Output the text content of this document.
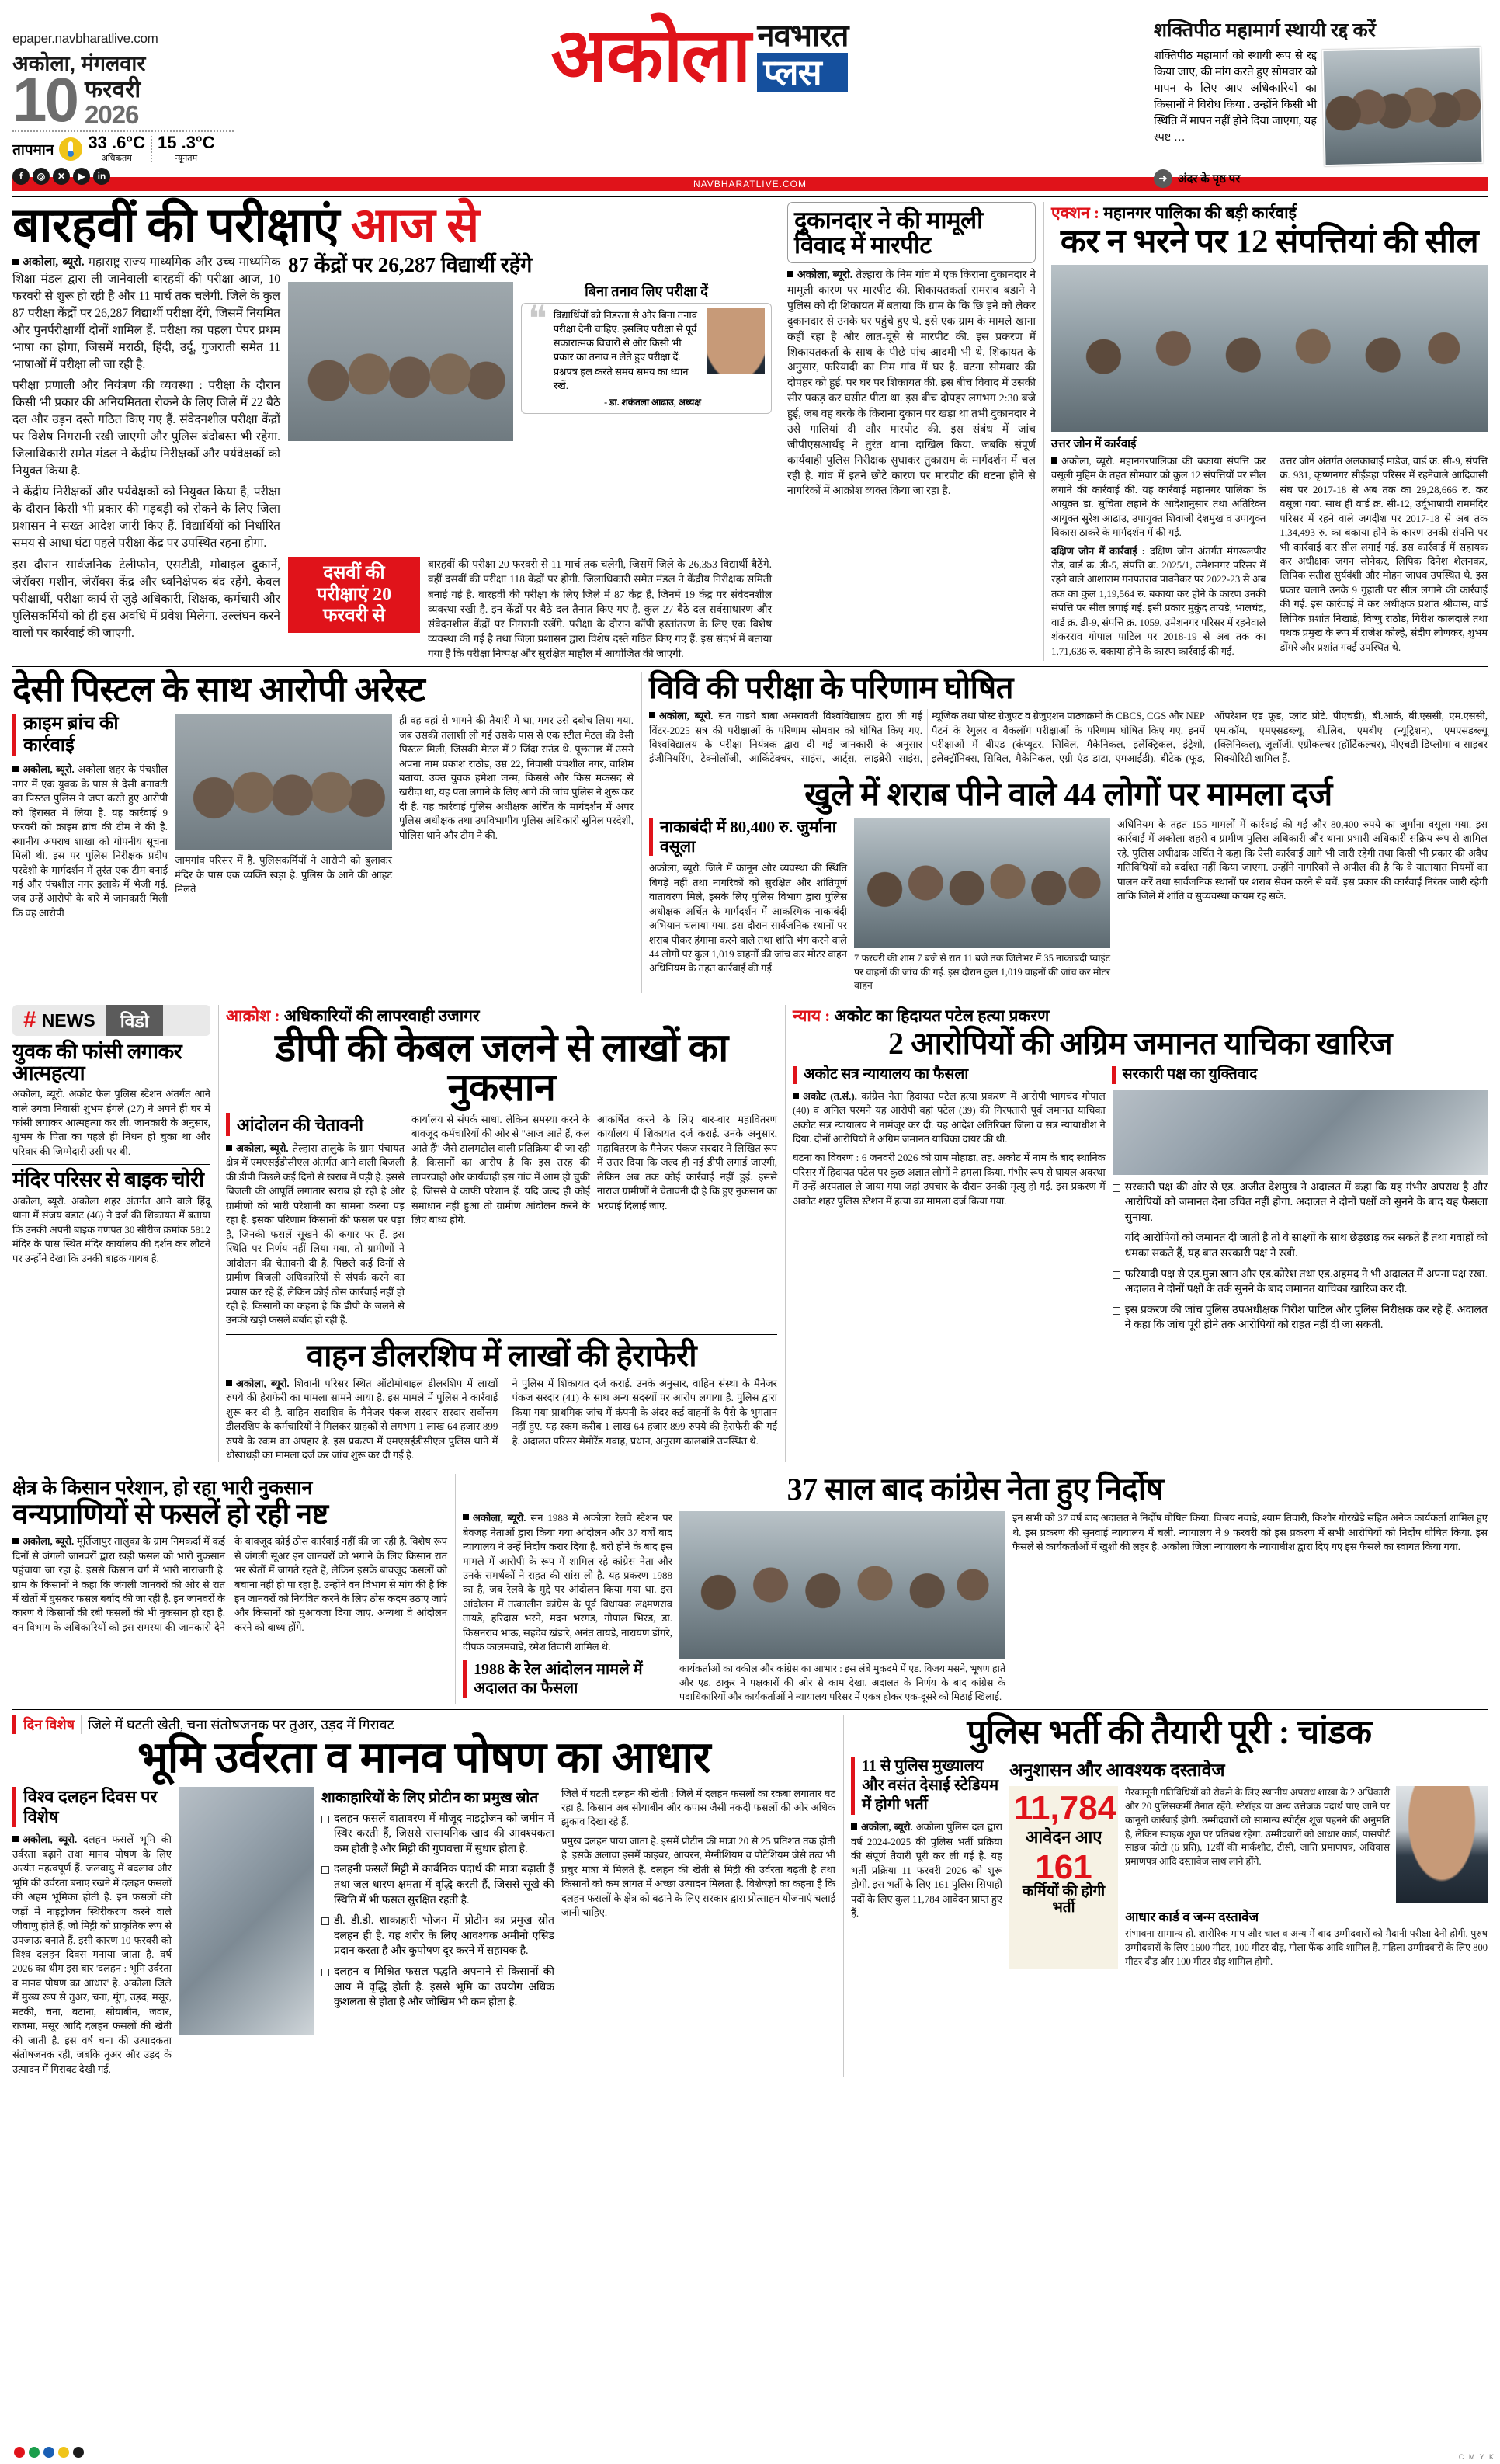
epaper.navbharatlive.com
अकोला, मंगलवार
10 फरवरी
2026
तापमान 33 .6°C
अधिकतम
15 .3°C
न्यूनतम
f	◎	✕	▶	in
अकोला नवभारत
प्लस
शक्तिपीठ महामार्ग स्थायी रद्द करें
शक्तिपीठ महामार्ग को स्थायी रूप से रद्द किया जाए, की मांग करते हुए सोमवार को मापन के लिए आए अधिकारियों का किसानों ने विरोध किया . उन्होंने किसी भी स्थिति में मापन नहीं होने दिया जाएगा, यह स्पष्ट …
➜ अंदर के पृष्ठ पर
NAVBHARATLIVE.COM
बारहवीं की परीक्षाएं आज से
अकोला, ब्यूरो. महाराष्ट्र राज्य माध्यमिक और उच्च माध्यमिक शिक्षा मंडल द्वारा ली जानेवाली बारहवीं की परीक्षा आज, 10 फरवरी से शुरू हो रही है और 11 मार्च तक चलेगी. जिले के कुल 87 परीक्षा केंद्रों पर 26,287 विद्यार्थी परीक्षा देंगे, जिसमें नियमित और पुनर्परीक्षार्थी दोनों शामिल हैं. परीक्षा का पहला पेपर प्रथम भाषा का होगा, जिसमें मराठी, हिंदी, उर्दू, गुजराती समेत 11 भाषाओं में परीक्षा ली जा रही है.
परीक्षा प्रणाली और नियंत्रण की व्यवस्था : परीक्षा के दौरान किसी भी प्रकार की अनियमितता रोकने के लिए जिले में 22 बैठे दल और उड़न दस्ते गठित किए गए हैं. संवेदनशील परीक्षा केंद्रों पर विशेष निगरानी रखी जाएगी और पुलिस बंदोबस्त भी रहेगा. जिलाधिकारी समेत मंडल ने केंद्रीय निरीक्षकों और पर्यवेक्षकों को नियुक्त किया है.
ने केंद्रीय निरीक्षकों और पर्यवेक्षकों को नियुक्त किया है, परीक्षा के दौरान किसी भी प्रकार की गड़बड़ी को रोकने के लिए जिला प्रशासन ने सख्त आदेश जारी किए हैं. विद्यार्थियों को निर्धारित समय से आधा घंटा पहले परीक्षा केंद्र पर उपस्थित रहना होगा.
87 केंद्रों पर 26,287 विद्यार्थी रहेंगे
बिना तनाव लिए परीक्षा दें
❝ विद्यार्थियों को निडरता से और बिना तनाव परीक्षा देनी चाहिए. इसलिए परीक्षा से पूर्व सकारात्मक विचारों से और किसी भी प्रकार का तनाव न लेते हुए परीक्षा दें. प्रश्नपत्र हल करते समय समय का ध्यान रखें.
- डा. शकंतला आढाउ, अध्यक्ष
इस दौरान सार्वजनिक टेलीफोन, एसटीडी, मोबाइल दुकानें, जेरॉक्स मशीन, जेरॉक्स केंद्र और ध्वनिक्षेपक बंद रहेंगे. केवल परीक्षार्थी, परीक्षा कार्य से जुड़े अधिकारी, शिक्षक, कर्मचारी और पुलिसकर्मियों को ही इस अवधि में प्रवेश मिलेगा. उल्लंघन करने वालों पर कार्रवाई की जाएगी.
दसवीं की परीक्षाएं 20 फरवरी से
बारहवीं की परीक्षा 20 फरवरी से 11 मार्च तक चलेगी, जिसमें जिले के 26,353 विद्यार्थी बैठेंगे. वहीं दसवीं की परीक्षा 118 केंद्रों पर होगी. जिलाधिकारी समेत मंडल ने केंद्रीय निरीक्षक समिती बनाई गई है. बारहवीं की परीक्षा के लिए जिले में 87 केंद्र हैं, जिनमें 19 केंद्र पर संवेदनशील व्यवस्था रखी है. इन केंद्रों पर बैठे दल तैनात किए गए हैं. कुल 27 बैठे दल सर्वसाधारण और संवेदनशील केंद्रों पर निगरानी रखेंगे. परीक्षा के दौरान कॉपी हस्तांतरण के लिए एक विशेष व्यवस्था की गई है तथा जिला प्रशासन द्वारा विशेष दस्ते गठित किए गए हैं. इस संदर्भ में बताया गया है कि परीक्षा निष्पक्ष और सुरक्षित माहौल में आयोजित की जाएगी.
दुकानदार ने की मामूली विवाद में मारपीट
अकोला, ब्यूरो. तेल्हारा के निम गांव में एक किराना दुकानदार ने मामूली कारण पर मारपीट की. शिकायतकर्ता रामराव बडाने ने पुलिस को दी शिकायत में बताया कि ग्राम के कि छि ड़ने को लेकर दुकानदार से उनके घर पहुंचे हुए थे. इसे एक ग्राम के मामले खाना कहीं रहा है और लात-घूंसे से मारपीट की. इस प्रकरण में शिकायतकर्ता के साथ के पीछे पांच आदमी भी थे. शिकायत के अनुसार, फरियादी का निम गांव में घर है. घटना सोमवार की दोपहर को हुई. पर घर पर शिकायत की. इस बीच विवाद में उसकी सीर पकड़ कर घसीट पीटा था. इस बीच दोपहर लगभग 2:30 बजे हुई, जब वह बरके के किराना दुकान पर खड़ा था तभी दुकानदार ने उसे गालियां दी और मारपीट की. इस संबंध में जांच जीपीएसआर्थड् ने तुरंत थाना दाखिल किया. जबकि संपूर्ण कार्यवाही पुलिस निरीक्षक सुधाकर तुकाराम के मार्गदर्शन में चल रही है. गांव में इतने छोटे कारण पर मारपीट की घटना होने से नागरिकों में आक्रोश व्यक्त किया जा रहा है.
एक्शन : महानगर पालिका की बड़ी कार्रवाई
कर न भरने पर 12 संपत्तियां की सील
उत्तर जोन में कार्रवाई
अकोला, ब्यूरो. महानगरपालिका की बकाया संपत्ति कर वसूली मुहिम के तहत सोमवार को कुल 12 संपत्तियों पर सील लगाने की कार्रवाई की. यह कार्रवाई महानगर पालिका के आयुक्त डा. सुचिता लहाने के आदेशानुसार तथा अतिरिक्त आयुक्त सुरेश आढाउ, उपायुक्त शिवाजी देशमुख व उपायुक्त विकास ठाकरे के मार्गदर्शन में की गई.
दक्षिण जोन में कार्रवाई : दक्षिण जोन अंतर्गत मंगरूलपीर रोड, वार्ड क्र. डी-5, संपत्ति क्र. 2025/1, उमेशनगर परिसर में रहने वाले आशाराम गनपतराव पावनेकर पर 2022-23 से अब तक का कुल 1,19,564 रु. बकाया कर होने के कारण उनकी संपत्ति पर सील लगाई गई. इसी प्रकार मुकुंद तायडे, भालचंद्र, वार्ड क्र. डी-9, संपत्ति क्र. 1059, उमेशनगर परिसर में रहनेवाले शंकरराव गोपाल पाटिल पर 2018-19 से अब तक का 1,71,636 रु. बकाया होने के कारण कार्रवाई की गई.
उत्तर जोन अंतर्गत अलकाबाई माडेज, वार्ड क्र. सी-9, संपत्ति क्र. 931, कृष्णनगर सीईडहा परिसर में रहनेवाले आदिवासी संघ पर 2017-18 से अब तक का 29,28,666 रु. कर वसूला गया. साथ ही वार्ड क्र. सी-12, उर्दूभाषायी राममंदिर परिसर में रहने वाले जगदीश पर 2017-18 से अब तक 1,34,493 रु. का बकाया होने के कारण उनकी संपत्ति पर भी कार्रवाई कर सील लगाई गई. इस कार्रवाई में सहायक कर अधीक्षक जगन सोनेकर, लिपिक दिनेश शेलनकर, लिपिक सतीश सुर्यवंशी और मोहन जाधव उपस्थित थे. इस प्रकार चलाने उनके 9 गुहाती पर सील लगाने की कार्रवाई की गई. इस कार्रवाई में कर अधीक्षक प्रशांत श्रीवास, वार्ड लिपिक प्रशांत निखाडे, विष्णु राठोड, गिरीश कालदाले तथा पथक प्रमुख के रूप में राजेश कोल्हे, संदीप लोणकर, शुभम डोंगरे और प्रशांत गवई उपस्थित थे.
देसी पिस्टल के साथ आरोपी अरेस्ट
क्राइम ब्रांच की कार्रवाई
अकोला, ब्यूरो. अकोला शहर के पंचशील नगर में एक युवक के पास से देसी बनावटी का पिस्टल पुलिस ने जप्त करते हुए आरोपी को हिरासत में लिया है. यह कार्रवाई 9 फरवरी को क्राइम ब्रांच की टीम ने की है. स्थानीय अपराध शाखा को गोपनीय सूचना मिली थी. इस पर पुलिस निरीक्षक प्रदीप परदेशी के मार्गदर्शन में तुरंत एक टीम बनाई गई और पंचशील नगर इलाके में भेजी गई. जब उन्हें आरोपी के बारे में जानकारी मिली कि वह आरोपी
जामगांव परिसर में है. पुलिसकर्मियों ने आरोपी को बुलाकर मंदिर के पास एक व्यक्ति खड़ा है. पुलिस के आने की आहट मिलते
ही वह वहां से भागने की तैयारी में था, मगर उसे दबोच लिया गया. जब उसकी तलाशी ली गई उसके पास से एक स्टील मेटल की देसी पिस्टल मिली, जिसकी मेटल में 2 जिंदा राउंड थे. पूछताछ में उसने अपना नाम प्रकाश राठोड, उम्र 22, निवासी पंचशील नगर, वाशिम बताया. उक्त युवक हमेशा जन्म, किससे और किस मकसद से खरीदा था, यह पता लगाने के लिए आगे की जांच पुलिस ने शुरू कर दी है. यह कार्रवाई पुलिस अधीक्षक अर्चित के मार्गदर्शन में अपर पुलिस अधीक्षक तथा उपविभागीय पुलिस अधिकारी सुनिल परदेशी, पोलिस थाने और टीम ने की.
विवि की परीक्षा के परिणाम घोषित
अकोला, ब्यूरो. संत गाडगे बाबा अमरावती विश्वविद्यालय द्वारा ली गई विंटर-2025 सत्र की परीक्षाओं के परिणाम सोमवार को घोषित किए गए. विश्वविद्यालय के परीक्षा नियंत्रक द्वारा दी गई जानकारी के अनुसार इंजीनियरिंग, टेक्नोलॉजी, आर्किटेक्चर, साइंस, आर्ट्स, लाइब्रेरी साइंस, म्यूजिक तथा पोस्ट ग्रेजुएट व ग्रेजुएशन पाठ्यक्रमों के CBCS, CGS और NEP पैटर्न के रेगुलर व बैकलॉग परीक्षाओं के परिणाम घोषित किए गए. इनमें परीक्षाओं में बीएड (कंप्यूटर, सिविल, मैकेनिकल, इलेक्ट्रिकल, इंट्रेशो, इलेक्ट्रॉनिक्स, सिविल, मैकेनिकल, एग्री एंड डाटा, एमआईडी), बीटेक (फूड, ऑपरेशन एंड फूड, प्लांट प्रोटे. पीएचडी), बी.आर्क, बी.एससी, एम.एससी, एम.कॉम, एमएसडब्ल्यू, बी.लिब, एमबीए (न्यूट्रिशन), एमएसडब्ल्यू (क्लिनिकल), जूलॉजी, एग्रीकल्चर (हॉर्टिकल्चर), पीएचडी डिप्लोमा व साइबर सिक्योरिटी शामिल हैं.
खुले में शराब पीने वाले 44 लोगों पर मामला दर्ज
नाकाबंदी में 80,400 रु. जुर्माना वसूला
अकोला, ब्यूरो. जिले में कानून और व्यवस्था की स्थिति बिगड़े नहीं तथा नागरिकों को सुरक्षित और शांतिपूर्ण वातावरण मिले, इसके लिए पुलिस विभाग द्वारा पुलिस अधीक्षक अर्चित के मार्गदर्शन में आकस्मिक नाकाबंदी अभियान चलाया गया. इस दौरान सार्वजनिक स्थानों पर शराब पीकर हंगामा करने वाले तथा शांति भंग करने वाले 44 लोगों पर कुल 1,019 वाहनों की जांच कर मोटर वाहन अधिनियम के तहत कार्रवाई की गई.
7 फरवरी की शाम 7 बजे से रात 11 बजे तक जिलेभर में 35 नाकाबंदी प्वाइंट पर वाहनों की जांच की गई. इस दौरान कुल 1,019 वाहनों की जांच कर मोटर वाहन
अधिनियम के तहत 155 मामलों में कार्रवाई की गई और 80,400 रुपये का जुर्माना वसूला गया. इस कार्रवाई में अकोला शहरी व ग्रामीण पुलिस अधिकारी और थाना प्रभारी अधिकारी सक्रिय रूप से शामिल रहे. पुलिस अधीक्षक अर्चित ने कहा कि ऐसी कार्रवाई आगे भी जारी रहेगी तथा किसी भी प्रकार की अवैध गतिविधियों को बर्दाश्त नहीं किया जाएगा. उन्होंने नागरिकों से अपील की है कि वे यातायात नियमों का पालन करें तथा सार्वजनिक स्थानों पर शराब सेवन करने से बचें. इस प्रकार की कार्रवाई निरंतर जारी रहेगी ताकि जिले में शांति व सुव्यवस्था कायम रह सके.
# NEWS	विडो
युवक की फांसी लगाकर आत्महत्या
अकोला, ब्यूरो. अकोट फैल पुलिस स्टेशन अंतर्गत आने वाले उगवा निवासी शुभम इंगले (27) ने अपने ही घर में फांसी लगाकर आत्महत्या कर ली. जानकारी के अनुसार, शुभम के पिता का पहले ही निधन हो चुका था और परिवार की जिम्मेदारी उसी पर थी.
मंदिर परिसर से बाइक चोरी
अकोला, ब्यूरो. अकोला शहर अंतर्गत आने वाले हिंदू थाना में संजय बडाट (46) ने दर्ज की शिकायत में बताया कि उनकी अपनी बाइक गणपत 30 सीरीज क्रमांक 5812 मंदिर के पास स्थित मंदिर कार्यालय की दर्शन कर लौटने पर उन्होंने देखा कि उनकी बाइक गायब है.
आक्रोश : अधिकारियों की लापरवाही उजागर
डीपी की केबल जलने से लाखों का नुकसान
आंदोलन की चेतावनी
अकोला, ब्यूरो. तेल्हारा तालुके के ग्राम पंचायत क्षेत्र में एमएसईडीसीएल अंतर्गत आने वाली बिजली की डीपी पिछले कई दिनों से खराब में पड़ी है. इससे बिजली की आपूर्ति लगातार खराब हो रही है और ग्रामीणों को भारी परेशानी का सामना करना पड़ रहा है. इसका परिणाम किसानों की फसल पर पड़ा है, जिनकी फसलें सूखने की कगार पर हैं. इस स्थिति पर निर्णय नहीं लिया गया, तो ग्रामीणों ने आंदोलन की चेतावनी दी है. पिछले कई दिनों से ग्रामीण बिजली अधिकारियों से संपर्क करने का प्रयास कर रहे हैं, लेकिन कोई ठोस कार्रवाई नहीं हो रही है. किसानों का कहना है कि डीपी के जलने से उनकी खड़ी फसलें बर्बाद हो रही हैं.
कार्यालय से संपर्क साधा. लेकिन समस्या करने के बावजूद कर्मचारियों की ओर से "आज आते हैं, कल आते हैं" जैसे टालमटोल वाली प्रतिक्रिया दी जा रही है. किसानों का आरोप है कि इस तरह की लापरवाही और कार्यवाही इस गांव में आम हो चुकी है, जिससे वे काफी परेशान हैं. यदि जल्द ही कोई समाधान नहीं हुआ तो ग्रामीण आंदोलन करने के लिए बाध्य होंगे.
आकर्षित करने के लिए बार-बार महावितरण कार्यालय में शिकायत दर्ज कराई. उनके अनुसार, महावितरण के मैनेजर पंकज सरदार ने लिखित रूप में उत्तर दिया कि जल्द ही नई डीपी लगाई जाएगी, लेकिन अब तक कोई कार्रवाई नहीं हुई. इससे नाराज ग्रामीणों ने चेतावनी दी है कि हुए नुकसान का भरपाई दिलाई जाए.
वाहन डीलरशिप में लाखों की हेराफेरी
अकोला, ब्यूरो. शिवानी परिसर स्थित ऑटोमोबाइल डीलरशिप में लाखों रुपये की हेराफेरी का मामला सामने आया है. इस मामले में पुलिस ने कार्रवाई शुरू कर दी है. वाहिन सदाशिव के मैनेजर पंकज सरदार सरदार सर्वोत्तम डीलरशिप के कर्मचारियों ने मिलकर ग्राहकों से लगभग 1 लाख 64 हजार 899 रुपये के रकम का अपहार है. इस प्रकरण में एमएसईडीसीएल पुलिस थाने में धोखाधड़ी का मामला दर्ज कर जांच शुरू कर दी गई है.
ने पुलिस में शिकायत दर्ज कराई. उनके अनुसार, वाहिन संस्था के मैनेजर पंकज सरदार (41) के साथ अन्य सदस्यों पर आरोप लगाया है. पुलिस द्वारा किया गया प्राथमिक जांच में कंपनी के अंदर कई वाहनों के पैसे के भुगतान नहीं हुए. यह रकम करीब 1 लाख 64 हजार 899 रुपये की हेराफेरी की गई है. अदालत परिसर मेमोरेंड गवाह, प्रधान, अनुराग कालबांडे उपस्थित थे.
न्याय : अकोट का हिदायत पटेल हत्या प्रकरण
2 आरोपियों की अग्रिम जमानत याचिका खारिज
अकोट सत्र न्यायालय का फैसला	सरकारी पक्ष का युक्तिवाद
अकोट (त.सं.). कांग्रेस नेता हिदायत पटेल हत्या प्रकरण में आरोपी भागचंद गोपाल (40) व अनिल परमने यह आरोपी वहां पटेल (39) की गिरफ्तारी पूर्व जमानत याचिका अकोट सत्र न्यायालय ने नामंजूर कर दी. यह आदेश अतिरिक्त जिला व सत्र न्यायाधीश ने दिया. दोनों आरोपियों ने अग्रिम जमानत याचिका दायर की थी.
घटना का विवरण : 6 जनवरी 2026 को ग्राम मोहाडा, तह. अकोट में नाम के बाद स्थानिक परिसर में हिदायत पटेल पर कुछ अज्ञात लोगों ने हमला किया. गंभीर रूप से घायल अवस्था में उन्हें अस्पताल ले जाया गया जहां उपचार के दौरान उनकी मृत्यु हो गई. इस प्रकरण में अकोट शहर पुलिस स्टेशन में हत्या का मामला दर्ज किया गया.
सरकारी पक्ष की ओर से एड. अजीत देशमुख ने अदालत में कहा कि यह गंभीर अपराध है और आरोपियों को जमानत देना उचित नहीं होगा. अदालत ने दोनों पक्षों को सुनने के बाद यह फैसला सुनाया.
यदि आरोपियों को जमानत दी जाती है तो वे साक्ष्यों के साथ छेड़छाड़ कर सकते हैं तथा गवाहों को धमका सकते हैं, यह बात सरकारी पक्ष ने रखी.
फरियादी पक्ष से एड.मुन्ना खान और एड.कोरेश तथा एड.अहमद ने भी अदालत में अपना पक्ष रखा. अदालत ने दोनों पक्षों के तर्क सुनने के बाद जमानत याचिका खारिज कर दी.
इस प्रकरण की जांच पुलिस उपअधीक्षक गिरीश पाटिल और पुलिस निरीक्षक कर रहे हैं. अदालत ने कहा कि जांच पूरी होने तक आरोपियों को राहत नहीं दी जा सकती.
क्षेत्र के किसान परेशान, हो रहा भारी नुकसान
वन्यप्राणियों से फसलें हो रही नष्ट
अकोला, ब्यूरो. मूर्तिजापुर तालुका के ग्राम निमकर्दा में कई दिनों से जंगली जानवरों द्वारा खड़ी फसल को भारी नुकसान पहुंचाया जा रहा है. इससे किसान वर्ग में भारी नाराजगी है. ग्राम के किसानों ने कहा कि जंगली जानवरों की ओर से रात में खेतों में घुसकर फसल बर्बाद की जा रही है. इन जानवरों के कारण वे किसानों की रबी फसलों की भी नुकसान हो रहा है. वन विभाग के अधिकारियों को इस समस्या की जानकारी देने के बावजूद कोई ठोस कार्रवाई नहीं की जा रही है. विशेष रूप से जंगली सूअर इन जानवरों को भगाने के लिए किसान रात भर खेतों में जागते रहते हैं, लेकिन इसके बावजूद फसलों को बचाना नहीं हो पा रहा है. उन्होंने वन विभाग से मांग की है कि इन जानवरों को नियंत्रित करने के लिए ठोस कदम उठाए जाएं और किसानों को मुआवजा दिया जाए. अन्यथा वे आंदोलन करने को बाध्य होंगे.
37 साल बाद कांग्रेस नेता हुए निर्दोष
अकोला, ब्यूरो. सन 1988 में अकोला रेलवे स्टेशन पर बेवजह नेताओं द्वारा किया गया आंदोलन और 37 वर्षों बाद न्यायालय ने उन्हें निर्दोष करार दिया है. बरी होने के बाद इस मामले में आरोपी के रूप में शामिल रहे कांग्रेस नेता और उनके समर्थकों ने राहत की सांस ली है. यह प्रकरण 1988 का है, जब रेलवे के मुद्दे पर आंदोलन किया गया था. इस आंदोलन में तत्कालीन कांग्रेस के पूर्व विधायक लक्ष्मणराव तायडे, हरिदास भरने, मदन भरगड, गोपाल भिरड, डा. किसनराव भाऊ, सहदेव खंडारे, अनंत तायडे, नारायण डोंगरे, दीपक कालमवाडे, रमेश तिवारी शामिल थे.
1988 के रेल आंदोलन मामले में अदालत का फैसला
कार्यकर्ताओं का वकील और कांग्रेस का आभार : इस लंबे मुकदमे में एड. विजय मसने, भूषण हाते और एड. ठाकुर ने पक्षकारों की ओर से काम देखा. अदालत के निर्णय के बाद कांग्रेस के पदाधिकारियों और कार्यकर्ताओं ने न्यायालय परिसर में एकत्र होकर एक-दूसरे को मिठाई खिलाई.
इन सभी को 37 वर्ष बाद अदालत ने निर्दोष घोषित किया. विजय नवाडे, श्याम तिवारी, किशोर गौरखेडे सहित अनेक कार्यकर्ता शामिल हुए थे. इस प्रकरण की सुनवाई न्यायालय में चली. न्यायालय ने 9 फरवरी को इस प्रकरण में सभी आरोपियों को निर्दोष घोषित किया. इस फैसले से कार्यकर्ताओं में खुशी की लहर है. अकोला जिला न्यायालय के न्यायाधीश द्वारा दिए गए इस फैसले का स्वागत किया गया.
दिन विशेष जिले में घटती खेती, चना संतोषजनक पर तुअर, उड़द में गिरावट
भूमि उर्वरता व मानव पोषण का आधार
विश्व दलहन दिवस पर विशेष
अकोला, ब्यूरो. दलहन फसलें भूमि की उर्वरता बढ़ाने तथा मानव पोषण के लिए अत्यंत महत्वपूर्ण हैं. जलवायु में बदलाव और भूमि की उर्वरता बनाए रखने में दलहन फसलों की अहम भूमिका होती है. इन फसलों की जड़ों में नाइट्रोजन स्थिरीकरण करने वाले जीवाणु होते हैं, जो मिट्टी को प्राकृतिक रूप से उपजाऊ बनाते हैं. इसी कारण 10 फरवरी को विश्व दलहन दिवस मनाया जाता है. वर्ष 2026 का थीम इस बार 'दलहन : भूमि उर्वरता व मानव पोषण का आधार' है. अकोला जिले में मुख्य रूप से तुअर, चना, मूंग, उड़द, मसूर, मटकी, चना, बटाना, सोयाबीन, जवार, राजमा, मसूर आदि दलहन फसलों की खेती की जाती है. इस वर्ष चना की उत्पादकता संतोषजनक रही, जबकि तुअर और उड़द के उत्पादन में गिरावट देखी गई.
शाकाहारियों के लिए प्रोटीन का प्रमुख स्रोत
दलहन फसलें वातावरण में मौजूद नाइट्रोजन को जमीन में स्थिर करती हैं, जिससे रासायनिक खाद की आवश्यकता कम होती है और मिट्टी की गुणवत्ता में सुधार होता है.
दलहनी फसलें मिट्टी में कार्बनिक पदार्थ की मात्रा बढ़ाती हैं तथा जल धारण क्षमता में वृद्धि करती हैं, जिससे सूखे की स्थिति में भी फसल सुरक्षित रहती है.
डी. डी.डी. शाकाहारी भोजन में प्रोटीन का प्रमुख स्रोत दलहन ही है. यह शरीर के लिए आवश्यक अमीनो एसिड प्रदान करता है और कुपोषण दूर करने में सहायक है.
दलहन व मिश्रित फसल पद्धति अपनाने से किसानों की आय में वृद्धि होती है. इससे भूमि का उपयोग अधिक कुशलता से होता है और जोखिम भी कम होता है.
जिले में घटती दलहन की खेती : जिले में दलहन फसलों का रकबा लगातार घट रहा है. किसान अब सोयाबीन और कपास जैसी नकदी फसलों की ओर अधिक झुकाव दिखा रहे हैं.
प्रमुख दलहन पाया जाता है. इसमें प्रोटीन की मात्रा 20 से 25 प्रतिशत तक होती है. इसके अलावा इसमें फाइबर, आयरन, मैग्नीशियम व पोटैशियम जैसे तत्व भी प्रचुर मात्रा में मिलते हैं. दलहन की खेती से मिट्टी की उर्वरता बढ़ती है तथा किसानों को कम लागत में अच्छा उत्पादन मिलता है. विशेषज्ञों का कहना है कि दलहन फसलों के क्षेत्र को बढ़ाने के लिए सरकार द्वारा प्रोत्साहन योजनाएं चलाई जानी चाहिए.
पुलिस भर्ती की तैयारी पूरी : चांडक
11 से पुलिस मुख्यालय और वसंत देसाई स्टेडियम में होगी भर्ती
अकोला, ब्यूरो. अकोला पुलिस दल द्वारा वर्ष 2024-2025 की पुलिस भर्ती प्रक्रिया की संपूर्ण तैयारी पूरी कर ली गई है. यह भर्ती प्रक्रिया 11 फरवरी 2026 को शुरू होगी. इस भर्ती के लिए 161 पुलिस सिपाही पदों के लिए कुल 11,784 आवेदन प्राप्त हुए हैं.
अनुशासन और आवश्यक दस्तावेज
11,784
आवेदन आए
161
कर्मियों की होगी भर्ती
गैरकानूनी गतिविधियों को रोकने के लिए स्थानीय अपराध शाखा के 2 अधिकारी और 20 पुलिसकर्मी तैनात रहेंगे. स्टेरॉइड या अन्य उत्तेजक पदार्थ पाए जाने पर कानूनी कार्रवाई होगी. उम्मीदवारों को सामान्य स्पोर्ट्स शूज पहनने की अनुमति है, लेकिन स्पाइक शूज पर प्रतिबंध रहेगा. उम्मीदवारों को आधार कार्ड, पासपोर्ट साइज फोटो (6 प्रति), 12वीं की मार्कशीट, टीसी, जाति प्रमाणपत्र, अधिवास प्रमाणपत्र आदि दस्तावेज साथ लाने होंगे.
आधार कार्ड व जन्म दस्तावेज
संभावना सामान्य हो. शारीरिक माप और चाल व अन्य में बाद उम्मीदवारों को मैदानी परीक्षा देनी होगी. पुरुष उम्मीदवारों के लिए 1600 मीटर, 100 मीटर दौड़, गोला फेंक आदि शामिल हैं. महिला उम्मीदवारों के लिए 800 मीटर दौड़ और 100 मीटर दौड़ शामिल होगी.
C M Y K
